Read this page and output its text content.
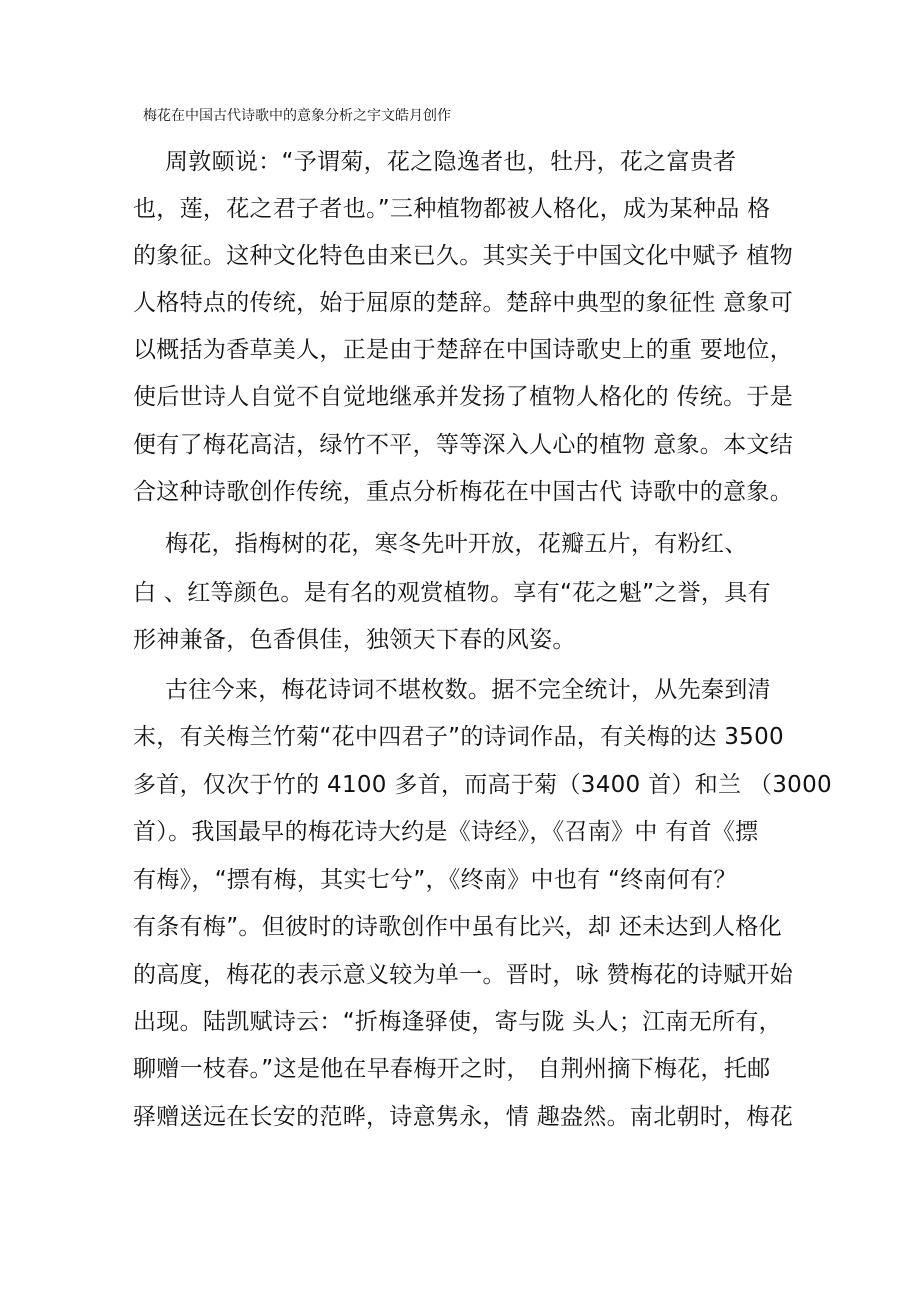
梅花在中国古代诗歌中的意象分析之宇文皓月创作
周敦颐说：“予谓菊，花之隐逸者也，牡丹，花之富贵者
也，莲，花之君子者也。”三种植物都被人格化，成为某种品 格
的象征。这种文化特色由来已久。其实关于中国文化中赋予 植物
人格特点的传统，始于屈原的楚辞。楚辞中典型的象征性 意象可
以概括为香草美人，正是由于楚辞在中国诗歌史上的重 要地位，
使后世诗人自觉不自觉地继承并发扬了植物人格化的 传统。于是
便有了梅花高洁，绿竹不平，等等深入人心的植物 意象。本文结
合这种诗歌创作传统，重点分析梅花在中国古代 诗歌中的意象。
梅花，指梅树的花，寒冬先叶开放，花瓣五片，有粉红、
白 、红等颜色。是有名的观赏植物。享有“花之魁”之誉，具有
形神兼备，色香俱佳，独领天下春的风姿。
古往今来，梅花诗词不堪枚数。据不完全统计，从先秦到清
末，有关梅兰竹菊“花中四君子”的诗词作品，有关梅的达 3500
多首，仅次于竹的 4100 多首，而高于菊（3400 首）和兰 （3000
首）。我国最早的梅花诗大约是《诗经》，《召南》中 有首《摽
有梅》，“摽有梅，其实七兮”，《终南》中也有 “终南何有？
有条有梅”。但彼时的诗歌创作中虽有比兴，却 还未达到人格化
的高度，梅花的表示意义较为单一。晋时，咏 赞梅花的诗赋开始
出现。陆凯赋诗云：“折梅逢驿使，寄与陇 头人；江南无所有，
聊赠一枝春。”这是他在早春梅开之时， 自荆州摘下梅花，托邮
驿赠送远在长安的范晔，诗意隽永，情 趣盎然。南北朝时，梅花
